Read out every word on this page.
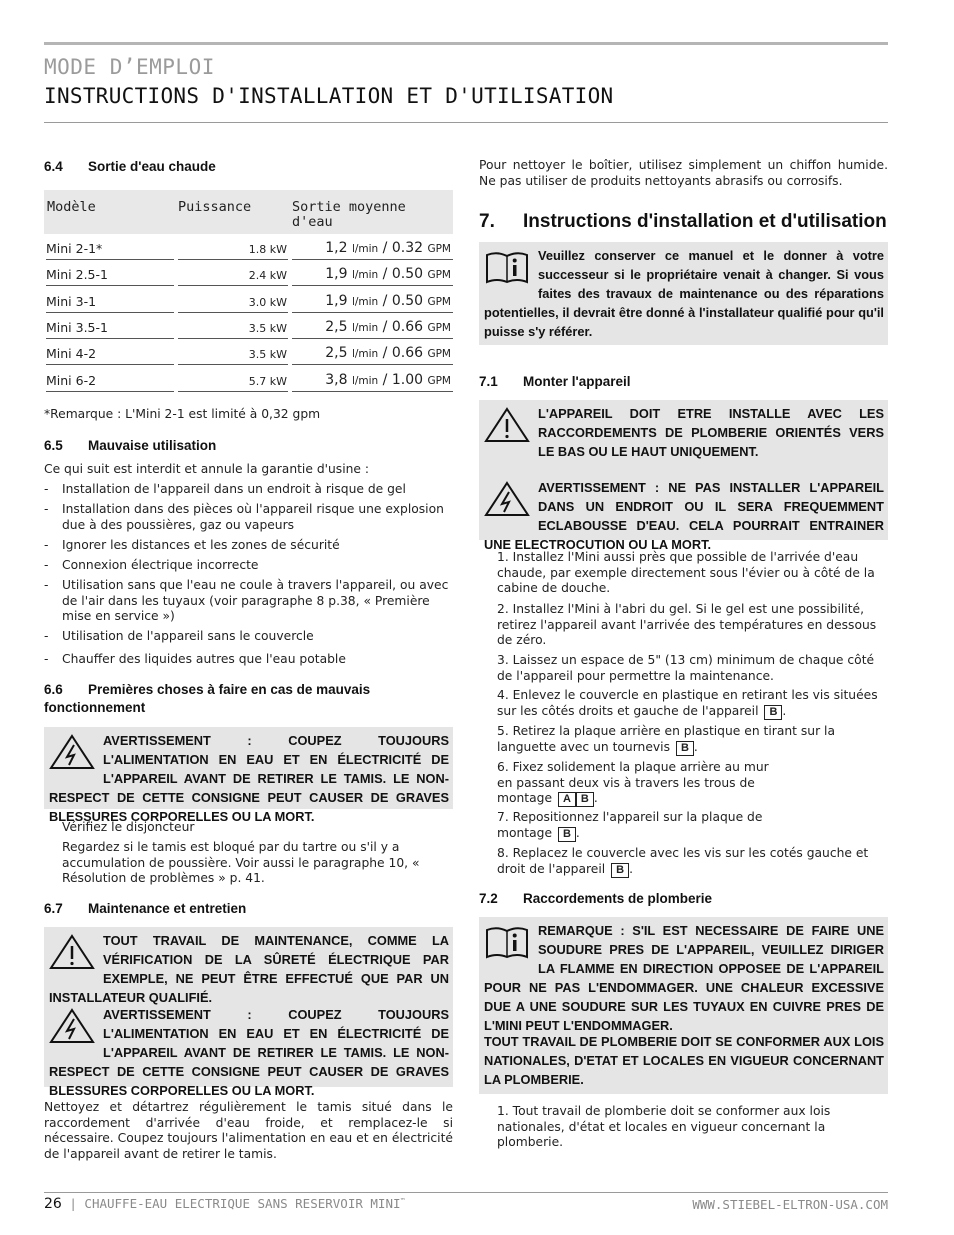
MODE D’EMPLOI
INSTRUCTIONS D'INSTALLATION ET D'UTILISATION
6.4 Sortie d'eau chaude
Modèle	Puissance	Sortie moyenne d'eau
Mini 2-1*	1.8 kW	1,2 l/min / 0.32 GPM
Mini 2.5-1	2.4 kW	1,9 l/min / 0.50 GPM
Mini 3-1	3.0 kW	1,9 l/min / 0.50 GPM
Mini 3.5-1	3.5 kW	2,5 l/min / 0.66 GPM
Mini 4-2	3.5 kW	2,5 l/min / 0.66 GPM
Mini 6-2	5.7 kW	3,8 l/min / 1.00 GPM
*Remarque : L'Mini 2-1 est limité à 0,32 gpm
6.5 Mauvaise utilisation
Ce qui suit est interdit et annule la garantie d'usine :
- Installation de l'appareil dans un endroit à risque de gel
- Installation dans des pièces où l'appareil risque une explosion due à des poussières, gaz ou vapeurs
- Ignorer les distances et les zones de sécurité
- Connexion électrique incorrecte
- Utilisation sans que l'eau ne coule à travers l'appareil, ou avec de l'air dans les tuyaux (voir paragraphe 8 p.38, « Première mise en service »)
- Utilisation de l'appareil sans le couvercle
- Chauffer des liquides autres que l'eau potable
6.6 Premières choses à faire en cas de mauvais fonctionnement
AVERTISSEMENT : COUPEZ TOUJOURS L'ALIMENTATION EN EAU ET EN ÉLECTRICITÉ DE L'APPAREIL AVANT DE RETIRER LE TAMIS. LE NON-RESPECT DE CETTE CONSIGNE PEUT CAUSER DE GRAVES BLESSURES CORPORELLES OU LA MORT.
Vérifiez le disjoncteur
Regardez si le tamis est bloqué par du tartre ou s'il y a accumulation de poussière. Voir aussi le paragraphe 10, « Résolution de problèmes » p. 41.
6.7 Maintenance et entretien
TOUT TRAVAIL DE MAINTENANCE, COMME LA VÉRIFICATION DE LA SÛRETÉ ÉLECTRIQUE PAR EXEMPLE, NE PEUT ÊTRE EFFECTUÉ QUE PAR UN INSTALLATEUR QUALIFIÉ.
AVERTISSEMENT : COUPEZ TOUJOURS L'ALIMENTATION EN EAU ET EN ÉLECTRICITÉ DE L'APPAREIL AVANT DE RETIRER LE TAMIS. LE NON-RESPECT DE CETTE CONSIGNE PEUT CAUSER DE GRAVES BLESSURES CORPORELLES OU LA MORT.
Nettoyez et détartrez régulièrement le tamis situé dans le raccordement d'arrivée d'eau froide, et remplacez-le si nécessaire. Coupez toujours l'alimentation en eau et en électricité de l'appareil avant de retirer le tamis.
Pour nettoyer le boîtier, utilisez simplement un chiffon humide. Ne pas utiliser de produits nettoyants abrasifs ou corrosifs.
7. Instructions d'installation et d'utilisation
Veuillez conserver ce manuel et le donner à votre successeur si le propriétaire venait à changer. Si vous faites des travaux de maintenance ou des réparations potentielles, il devrait être donné à l'installateur qualifié pour qu'il puisse s'y référer.
7.1 Monter l'appareil
L'APPAREIL DOIT ETRE INSTALLE AVEC LES RACCORDEMENTS DE PLOMBERIE ORIENTÉS VERS LE BAS OU LE HAUT UNIQUEMENT.
AVERTISSEMENT : NE PAS INSTALLER L'APPAREIL DANS UN ENDROIT OU IL SERA FREQUEMMENT ECLABOUSSE D'EAU. CELA POURRAIT ENTRAINER UNE ELECTROCUTION OU LA MORT.
1. Installez l'Mini aussi près que possible de l'arrivée d'eau chaude, par exemple directement sous l'évier ou à côté de la cabine de douche.
2. Installez l'Mini à l'abri du gel. Si le gel est une possibilité, retirez l'appareil avant l'arrivée des températures en dessous de zéro.
3. Laissez un espace de 5" (13 cm) minimum de chaque côté de l'appareil pour permettre la maintenance.
4. Enlevez le couvercle en plastique en retirant les vis situées sur les côtés droits et gauche de l'appareil B .
5. Retirez la plaque arrière en plastique en tirant sur la languette avec un tournevis B .
6. Fixez solidement la plaque arrière au mur en passant deux vis à travers les trous de montage A B .
7. Repositionnez l'appareil sur la plaque de montage B .
8. Replacez le couvercle avec les vis sur les cotés gauche et droit de l'appareil B .
7.2 Raccordements de plomberie
REMARQUE : S'IL EST NECESSAIRE DE FAIRE UNE SOUDURE PRES DE L'APPAREIL, VEUILLEZ DIRIGER LA FLAMME EN DIRECTION OPPOSEE DE L'APPAREIL POUR NE PAS L'ENDOMMAGER. UNE CHALEUR EXCESSIVE DUE A UNE SOUDURE SUR LES TUYAUX EN CUIVRE PRES DE L'MINI PEUT L'ENDOMMAGER.
TOUT TRAVAIL DE PLOMBERIE DOIT SE CONFORMER AUX LOIS NATIONALES, D'ETAT ET LOCALES EN VIGUEUR CONCERNANT LA PLOMBERIE.
1. Tout travail de plomberie doit se conformer aux lois nationales, d'état et locales en vigueur concernant la plomberie.
26 | CHAUFFE-EAU ELECTRIQUE SANS RESERVOIR MINI™	WWW.STIEBEL-ELTRON-USA.COM
